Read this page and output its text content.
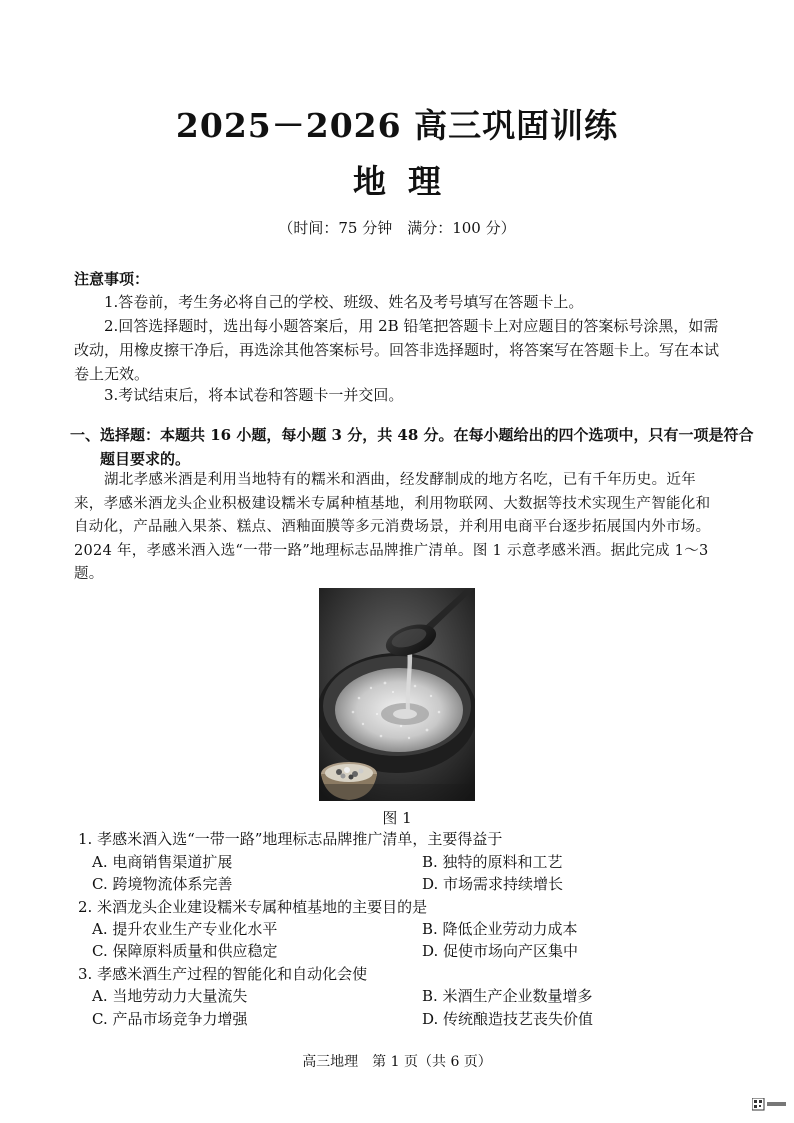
2025－2026 高三巩固训练
地理
（时间：75 分钟　满分：100 分）
注意事项：
1.答卷前，考生务必将自己的学校、班级、姓名及考号填写在答题卡上。
2.回答选择题时，选出每小题答案后，用 2B 铅笔把答题卡上对应题目的答案标号涂黑，如需改动，用橡皮擦干净后，再选涂其他答案标号。回答非选择题时，将答案写在答题卡上。写在本试卷上无效。
3.考试结束后，将本试卷和答题卡一并交回。
一、选择题：本题共 16 小题，每小题 3 分，共 48 分。在每小题给出的四个选项中，只有一项是符合题目要求的。
湖北孝感米酒是利用当地特有的糯米和酒曲，经发酵制成的地方名吃，已有千年历史。近年来，孝感米酒龙头企业积极建设糯米专属种植基地，利用物联网、大数据等技术实现生产智能化和自动化，产品融入果茶、糕点、酒釉面膜等多元消费场景，并利用电商平台逐步拓展国内外市场。2024 年，孝感米酒入选“一带一路”地理标志品牌推广清单。图 1 示意孝感米酒。据此完成 1～3 题。
图 1
1. 孝感米酒入选“一带一路”地理标志品牌推广清单，主要得益于
A. 电商销售渠道扩展	B. 独特的原料和工艺
C. 跨境物流体系完善	D. 市场需求持续增长
2. 米酒龙头企业建设糯米专属种植基地的主要目的是
A. 提升农业生产专业化水平	B. 降低企业劳动力成本
C. 保障原料质量和供应稳定	D. 促使市场向产区集中
3. 孝感米酒生产过程的智能化和自动化会使
A. 当地劳动力大量流失	B. 米酒生产企业数量增多
C. 产品市场竞争力增强	D. 传统酿造技艺丧失价值
高三地理　第 1 页（共 6 页）
